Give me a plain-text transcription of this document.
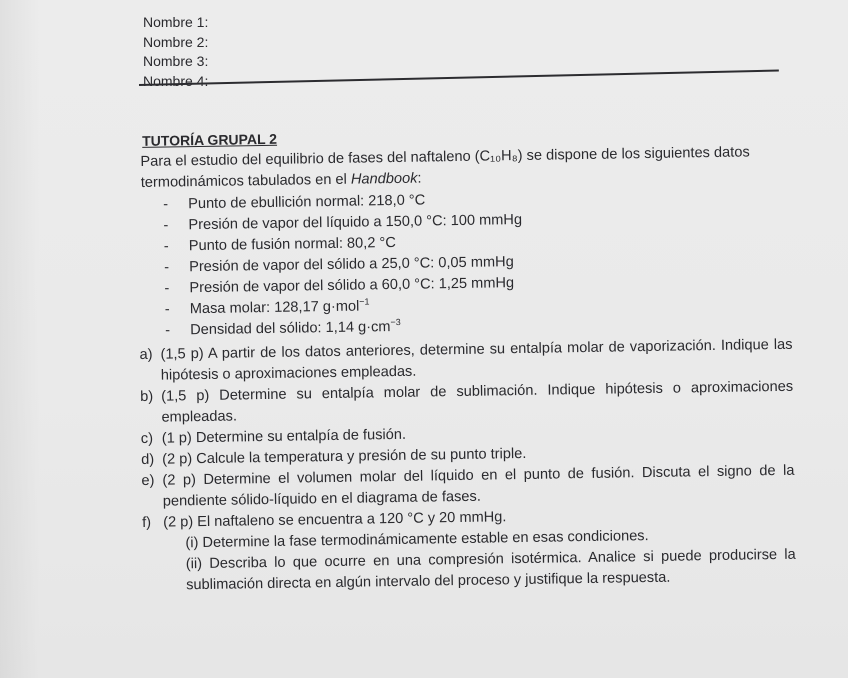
Nombre 1:
Nombre 2:
Nombre 3:
Nombre 4:
TUTORÍA GRUPAL 2
Para el estudio del equilibrio de fases del naftaleno (C₁₀H₈) se dispone de los siguientes datos termodinámicos tabulados en el Handbook:
- Punto de ebullición normal: 218,0 °C
- Presión de vapor del líquido a 150,0 °C: 100 mmHg
- Punto de fusión normal: 80,2 °C
- Presión de vapor del sólido a 25,0 °C: 0,05 mmHg
- Presión de vapor del sólido a 60,0 °C: 1,25 mmHg
- Masa molar: 128,17 g·mol$^{-1}$
- Densidad del sólido: 1,14 $g\cdot cm^{-3}$
a) (1,5 p) A partir de los datos anteriores, determine su entalpía molar de vaporización. Indique las hipótesis o aproximaciones empleadas.
b) (1,5 p) Determine su entalpía molar de sublimación. Indique hipótesis o aproximaciones empleadas.
c) (1 p) Determine su entalpía de fusión.
d) (2 p) Calcule la temperatura y presión de su punto triple.
e) (2 p) Determine el volumen molar del líquido en el punto de fusión. Discuta el signo de la pendiente sólido-líquido en el diagrama de fases.
f) (2 p) El naftaleno se encuentra a 120 °C y 20 mmHg.
(i) Determine la fase termodinámicamente estable en esas condiciones.
(ii) Describa lo que ocurre en una compresión isotérmica. Analice si puede producirse la sublimación directa en algún intervalo del proceso y justifique la respuesta.
